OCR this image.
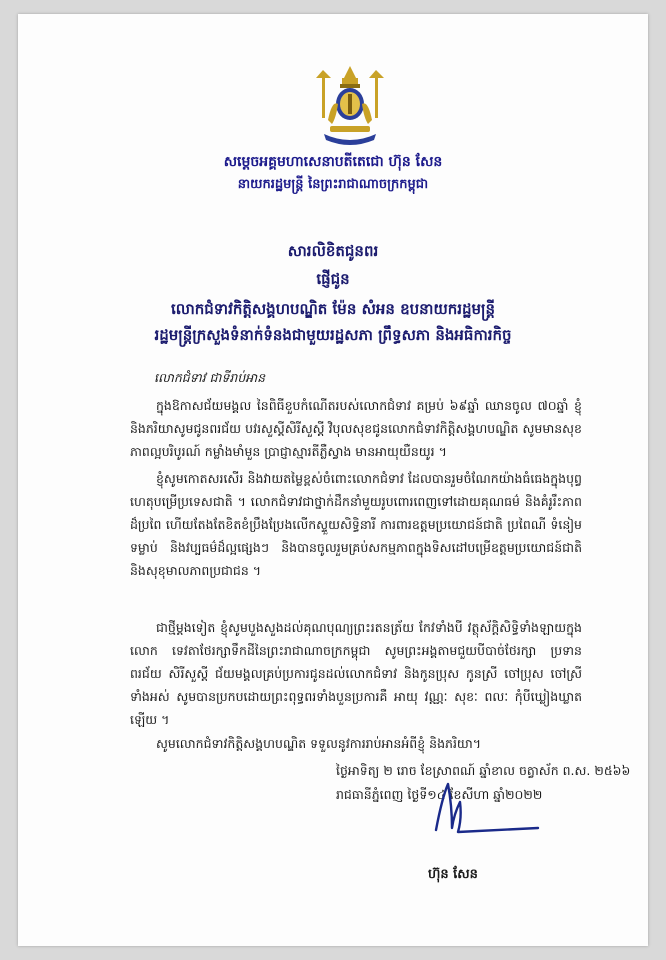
សម្តេចអគ្គមហាសេនាបតីតេជោ ហ៊ុន សែន
នាយករដ្ឋមន្ត្រី នៃព្រះរាជាណាចក្រកម្ពុជា
សារលិខិតជូនពរ
ផ្ញើជូន
លោកជំទាវកិត្តិសង្គហបណ្ឌិត ម៉ែន សំអន ឧបនាយករដ្ឋមន្ត្រី
រដ្ឋមន្ត្រីក្រសួងទំនាក់ទំនងជាមួយរដ្ឋសភា ព្រឹទ្ធសភា និងអធិការកិច្ច
លោកជំទាវ ជាទីរាប់អាន
ក្នុងឱកាសជ័យមង្គល នៃពិធីខួបកំណើតរបស់លោកជំទាវ គម្រប់ ៦៩ឆ្នាំ ឈានចូល ៧០ឆ្នាំ ខ្ញុំ និងភរិយាសូមជូនពរជ័យ បវរសួស្តីសិរីសួស្តី វិបុលសុខជូនលោកជំទាវកិត្តិសង្គហបណ្ឌិត សូមមានសុខភាពល្អបរិបូរណ៍ កម្លាំងមាំមួន ប្រាជ្ញាស្មារតីភ្លឺស្វាង មានអាយុយឺនយូរ ។
ខ្ញុំសូមកោតសរសើរ និងវាយតម្លៃខ្ពស់ចំពោះលោកជំទាវ ដែលបានរួមចំណែកយ៉ាងធំធេងក្នុងបុព្វហេតុបម្រើប្រទេសជាតិ ។ លោកជំទាវជាថ្នាក់ដឹកនាំមួយរូបពោរពេញទៅដោយគុណធម៌ និងគំរូរឹះភាពដ៏ប្រពៃ ហើយតែងតែខិតខំប្រឹងប្រែងលើកស្ទួយសិទ្ធិនារី ការពារឧត្តមប្រយោជន៍ជាតិ ប្រពៃណី ទំនៀមទម្លាប់ និងវប្បធម៌ដ៏ល្អផ្សេងៗ និងបានចូលរួមគ្រប់សកម្មភាពក្នុងទិសដៅបម្រើឧត្តមប្រយោជន៍ជាតិ និងសុខុមាលភាពប្រជាជន ។
ជាថ្មីម្តងទៀត ខ្ញុំសូមបួងសួងដល់គុណបុណ្យព្រះរតនត្រ័យ កែវទាំងបី វត្ថុស័ក្តិសិទ្ធិទាំងឡាយក្នុងលោក ទេវតាថែរក្សាទឹកដីនៃព្រះរាជាណាចក្រកម្ពុជា សូមព្រះអង្គតាមជួយបីបាច់ថែរក្សា ប្រទានពរជ័យ សិរីសួស្តី ជ័យមង្គលគ្រប់ប្រការជូនដល់លោកជំទាវ និងកូនប្រុស កូនស្រី ចៅប្រុស ចៅស្រីទាំងអស់ សូមបានប្រកបដោយព្រះពុទ្ធពរទាំងបួនប្រការគឺ អាយុ វណ្ណៈ សុខៈ ពលៈ កុំបីឃ្លៀងឃ្លាតឡើយ ។
សូមលោកជំទាវកិត្តិសង្គហបណ្ឌិត ទទួលនូវការរាប់អានអំពីខ្ញុំ និងភរិយា។
ថ្ងៃអាទិត្យ ២ រោច ខែស្រាពណ៍ ឆ្នាំខាល ចត្វាស័ក ព.ស. ២៥៦៦
រាជធានីភ្នំពេញ ថ្ងៃទី១៤ ខែសីហា ឆ្នាំ២០២២
ហ៊ុន សែន
